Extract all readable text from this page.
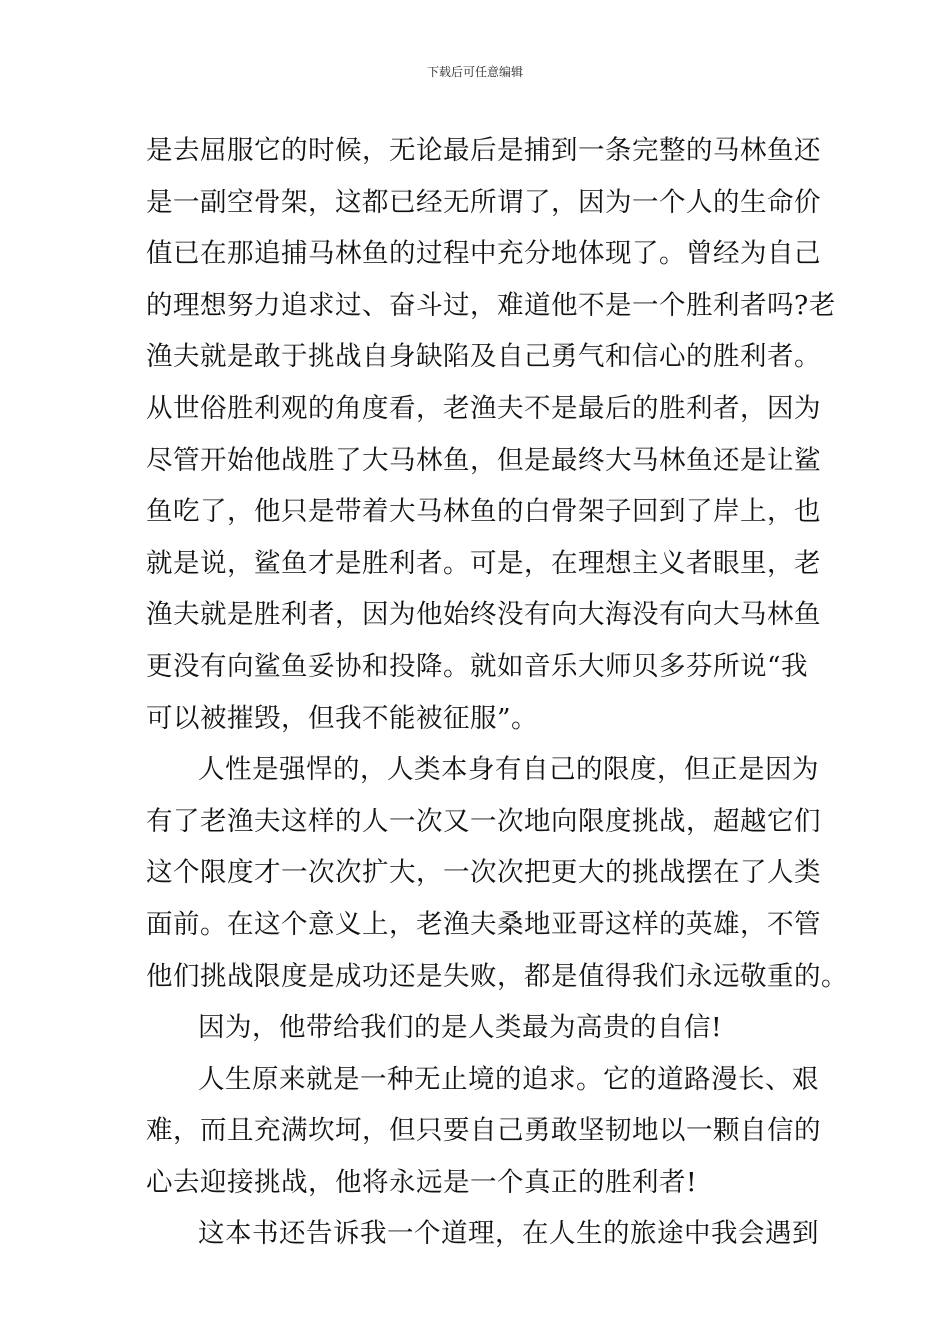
下载后可任意编辑
是去屈服它的时候，无论最后是捕到一条完整的马林鱼还
是一副空骨架，这都已经无所谓了，因为一个人的生命价
值已在那追捕马林鱼的过程中充分地体现了。曾经为自己
的理想努力追求过、奋斗过，难道他不是一个胜利者吗?老
渔夫就是敢于挑战自身缺陷及自己勇气和信心的胜利者。
从世俗胜利观的角度看，老渔夫不是最后的胜利者，因为
尽管开始他战胜了大马林鱼，但是最终大马林鱼还是让鲨
鱼吃了，他只是带着大马林鱼的白骨架子回到了岸上，也
就是说，鲨鱼才是胜利者。可是，在理想主义者眼里，老
渔夫就是胜利者，因为他始终没有向大海没有向大马林鱼
更没有向鲨鱼妥协和投降。就如音乐大师贝多芬所说“我
可以被摧毁，但我不能被征服”。
人性是强悍的，人类本身有自己的限度，但正是因为
有了老渔夫这样的人一次又一次地向限度挑战，超越它们
这个限度才一次次扩大，一次次把更大的挑战摆在了人类
面前。在这个意义上，老渔夫桑地亚哥这样的英雄，不管
他们挑战限度是成功还是失败，都是值得我们永远敬重的。
因为，他带给我们的是人类最为高贵的自信!
人生原来就是一种无止境的追求。它的道路漫长、艰
难，而且充满坎坷，但只要自己勇敢坚韧地以一颗自信的
心去迎接挑战，他将永远是一个真正的胜利者!
这本书还告诉我一个道理，在人生的旅途中我会遇到
